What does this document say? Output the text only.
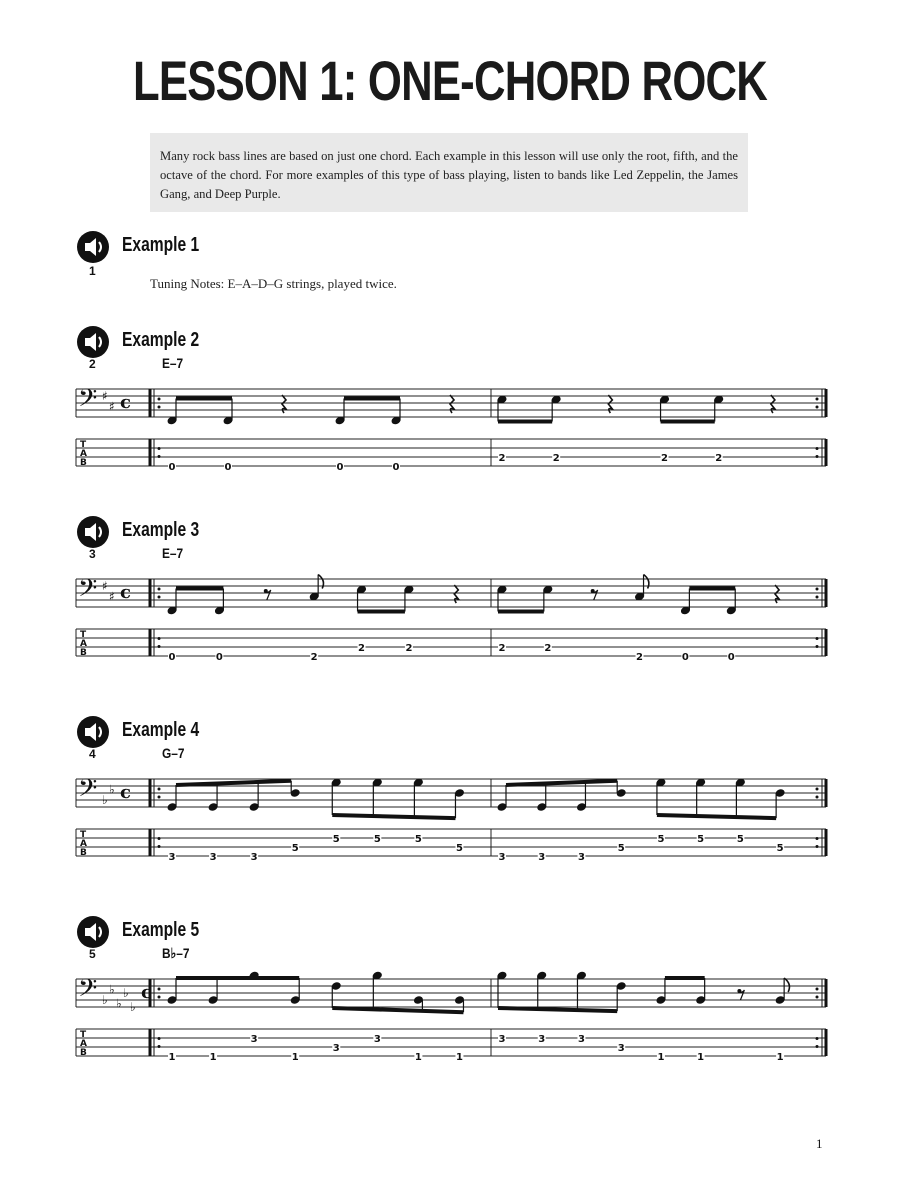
LESSON 1: ONE-CHORD ROCK
Many rock bass lines are based on just one chord. Each example in this lesson will use only the root, fifth, and the octave of the chord. For more examples of this type of bass playing, listen to bands like Led Zeppelin, the James Gang, and Deep Purple.
Example 1
1
Tuning Notes: E–A–D–G strings, played twice.
Example 2
2	E–7
𝄢 ♯
♯ c
T
A
B	0	0	0	0
2	2	2	2
Example 3
3	E–7
𝄢 ♯
♯ c
T
A
B	0	0	2
2	2	2	2
2	0	0
Example 4
4	G–7
𝄢 ♭
♭ c
T
A
B	3	3	3
5
5	5	5
5
3	3	3
5
5	5	5
5
Example 5
5	B♭–7
𝄢 ♭
♭
♭
♭
♭
c
T
A
B	1	1
3
1
3
3
1	1
3	3	3
3
1	1	1
1
